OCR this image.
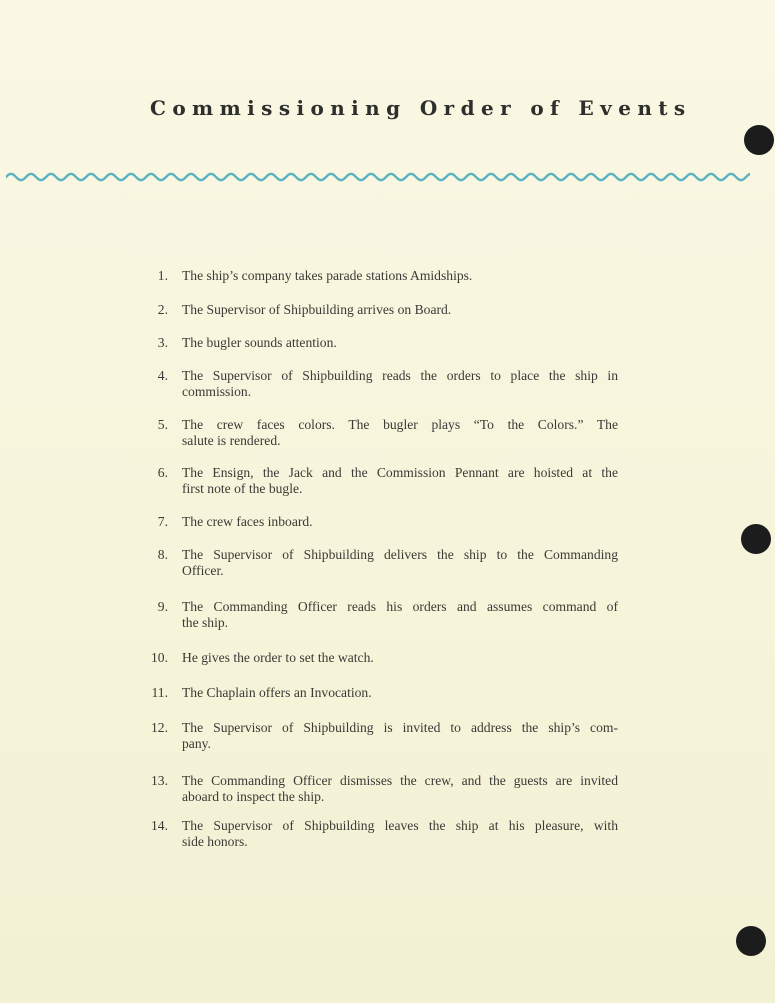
Commissioning Order of Events
1. The ship’s company takes parade stations Amidships.
2. The Supervisor of Shipbuilding arrives on Board.
3. The bugler sounds attention.
4. The Supervisor of Shipbuilding reads the orders to place the ship in
commission.
5. The crew faces colors. The bugler plays “To the Colors.” The
salute is rendered.
6. The Ensign, the Jack and the Commission Pennant are hoisted at the
first note of the bugle.
7. The crew faces inboard.
8. The Supervisor of Shipbuilding delivers the ship to the Commanding
Officer.
9. The Commanding Officer reads his orders and assumes command of
the ship.
10. He gives the order to set the watch.
11. The Chaplain offers an Invocation.
12. The Supervisor of Shipbuilding is invited to address the ship’s com-
pany.
13. The Commanding Officer dismisses the crew, and the guests are invited
aboard to inspect the ship.
14. The Supervisor of Shipbuilding leaves the ship at his pleasure, with
side honors.
